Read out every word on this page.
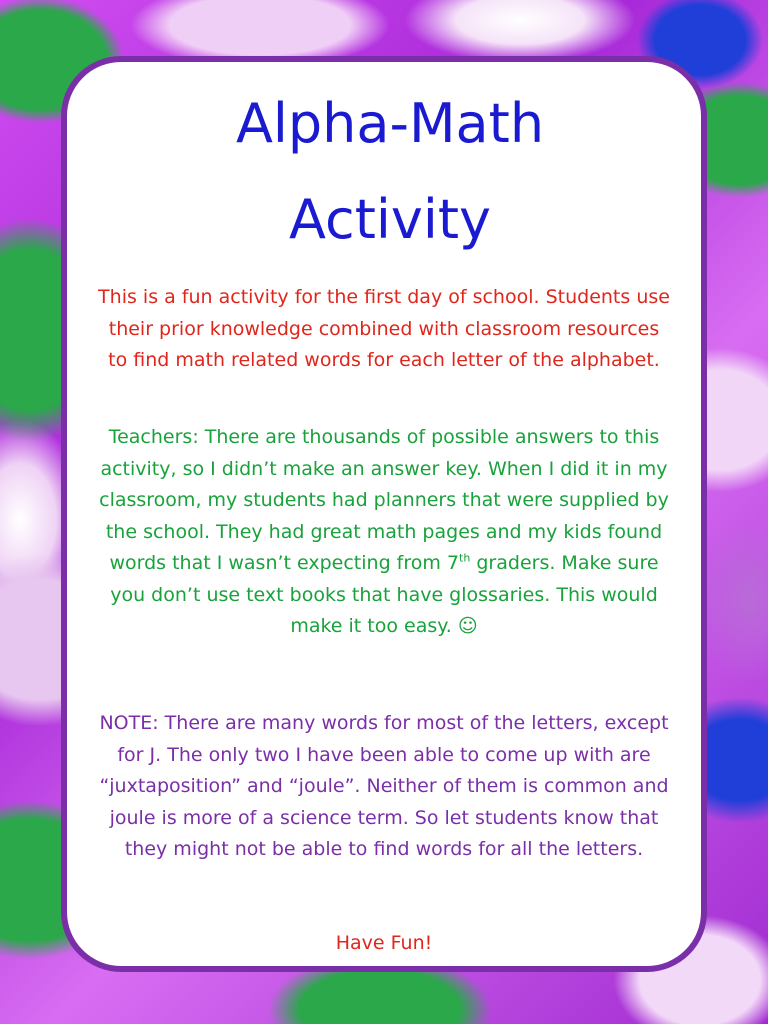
Alpha-Math
Activity

This is a fun activity for the first day of school. Students use their prior knowledge combined with classroom resources to find math related words for each letter of the alphabet.

Teachers: There are thousands of possible answers to this activity, so I didn’t make an answer key. When I did it in my classroom, my students had planners that were supplied by the school. They had great math pages and my kids found words that I wasn’t expecting from 7th graders. Make sure you don’t use text books that have glossaries. This would make it too easy. ☺

NOTE: There are many words for most of the letters, except for J. The only two I have been able to come up with are “juxtaposition” and “joule”. Neither of them is common and joule is more of a science term. So let students know that they might not be able to find words for all the letters.

Have Fun!
